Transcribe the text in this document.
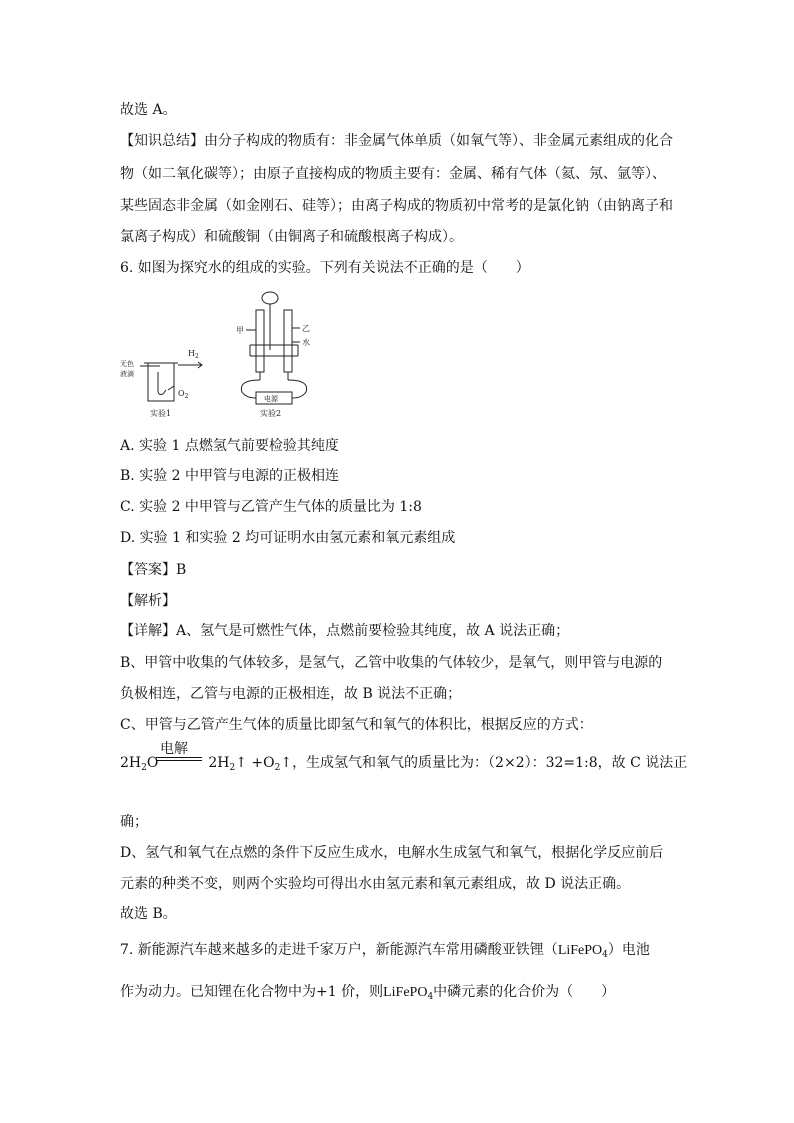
故选 A。
【知识总结】由分子构成的物质有：非金属气体单质（如氧气等）、非金属元素组成的化合
物（如二氧化碳等）；由原子直接构成的物质主要有：金属、稀有气体（氦、氖、氩等）、
某些固态非金属（如金刚石、硅等）；由离子构成的物质初中常考的是氯化钠（由钠离子和
氯离子构成）和硫酸铜（由铜离子和硫酸根离子构成）。
6. 如图为探究水的组成的实验。下列有关说法不正确的是（　　）
无色
液滴
$H_2$
$O_2$
实验1
甲	乙
水
电源
实验2
A. 实验 1 点燃氢气前要检验其纯度
B. 实验 2 中甲管与电源的正极相连
C. 实验 2 中甲管与乙管产生气体的质量比为 1:8
D. 实验 1 和实验 2 均可证明水由氢元素和氧元素组成
【答案】B
【解析】
【详解】A、氢气是可燃性气体，点燃前要检验其纯度，故 A 说法正确；
B、甲管中收集的气体较多，是氢气，乙管中收集的气体较少，是氧气，则甲管与电源的
负极相连，乙管与电源的正极相连，故 B 说法不正确；
C、甲管与乙管产生气体的质量比即氢气和氧气的体积比，根据反应的方式：
电解
$2H_2O$	$2H_2↑$ $+O_2↑$，生成氢气和氧气的质量比为：（2×2）：32=1:8，故 C 说法正
确；
D、氢气和氧气在点燃的条件下反应生成水，电解水生成氢气和氧气，根据化学反应前后
元素的种类不变，则两个实验均可得出水由氢元素和氧元素组成，故 D 说法正确。
故选 B。
7. 新能源汽车越来越多的走进千家万户，新能源汽车常用磷酸亚铁锂（LiFePO$_4$）电池
作为动力。已知锂在化合物中为+1 价，则LiFePO$_4$中磷元素的化合价为（　　）
